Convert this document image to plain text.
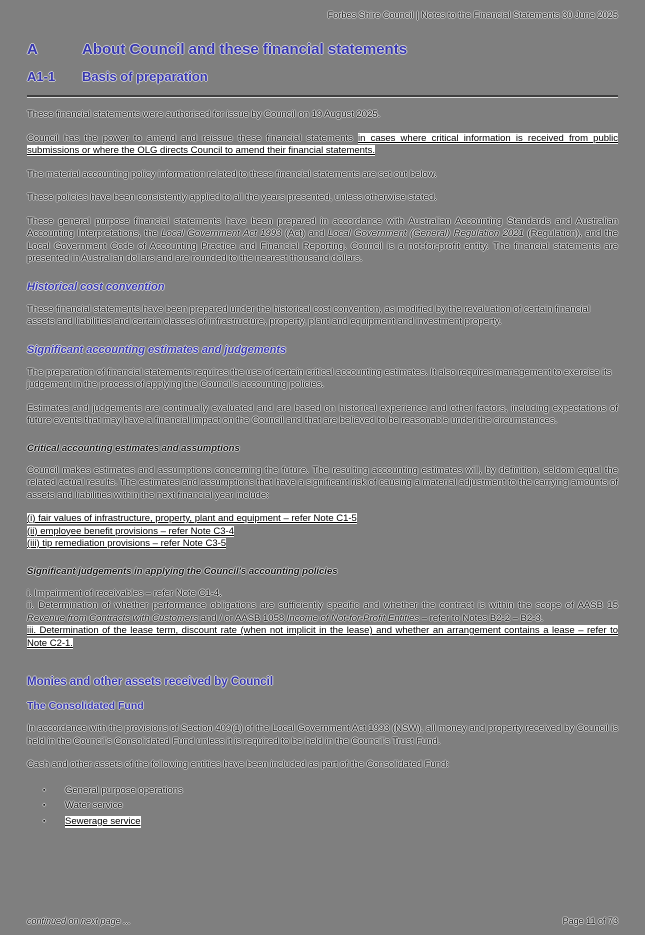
Forbes Shire Council | Notes to the Financial Statements 30 June 2025
A	About Council and these financial statements
A1-1	Basis of preparation

These financial statements were authorised for issue by Council on 19 August 2025.

Council has the power to amend and reissue these financial statements in cases where critical information is received from public submissions or where the OLG directs Council to amend their financial statements.

The material accounting policy information related to these financial statements are set out below.

These policies have been consistently applied to all the years presented, unless otherwise stated.

These general purpose financial statements have been prepared in accordance with Australian Accounting Standards and Australian Accounting Interpretations, the Local Government Act 1993 (Act) and Local Government (General) Regulation 2021 (Regulation), and the Local Government Code of Accounting Practice and Financial Reporting. Council is a not-for-profit entity. The financial statements are presented in Australian dollars and are rounded to the nearest thousand dollars.

Historical cost convention

These financial statements have been prepared under the historical cost convention, as modified by the revaluation of certain financial assets and liabilities and certain classes of infrastructure, property, plant and equipment and investment property.

Significant accounting estimates and judgements

The preparation of financial statements requires the use of certain critical accounting estimates. It also requires management to exercise its judgement in the process of applying the Council's accounting policies.

Estimates and judgements are continually evaluated and are based on historical experience and other factors, including expectations of future events that may have a financial impact on the Council and that are believed to be reasonable under the circumstances.

Critical accounting estimates and assumptions

Council makes estimates and assumptions concerning the future. The resulting accounting estimates will, by definition, seldom equal the related actual results. The estimates and assumptions that have a significant risk of causing a material adjustment to the carrying amounts of assets and liabilities within the next financial year include:

(i) fair values of infrastructure, property, plant and equipment – refer Note C1-5
(ii) employee benefit provisions – refer Note C3-4
(iii) tip remediation provisions – refer Note C3-5
Significant judgements in applying the Council's accounting policies

i. Impairment of receivables – refer Note C1-4.

ii. Determination of whether performance obligations are sufficiently specific and whether the contract is within the scope of AASB 15 Revenue from Contracts with Customers and / or AASB 1058 Income of Not-for-Profit Entities – refer to Notes B2-2 – B2-3.

iii. Determination of the lease term, discount rate (when not implicit in the lease) and whether an arrangement contains a lease – refer to Note C2-1.

Monies and other assets received by Council
The Consolidated Fund

In accordance with the provisions of Section 409(1) of the Local Government Act 1993 (NSW), all money and property received by Council is held in the Council's Consolidated Fund unless it is required to be held in the Council's Trust Fund.

Cash and other assets of the following entities have been included as part of the Consolidated Fund:

▪	General purpose operations
▪	Water service
▪	Sewerage service
continued on next page ...	Page 11 of 73
